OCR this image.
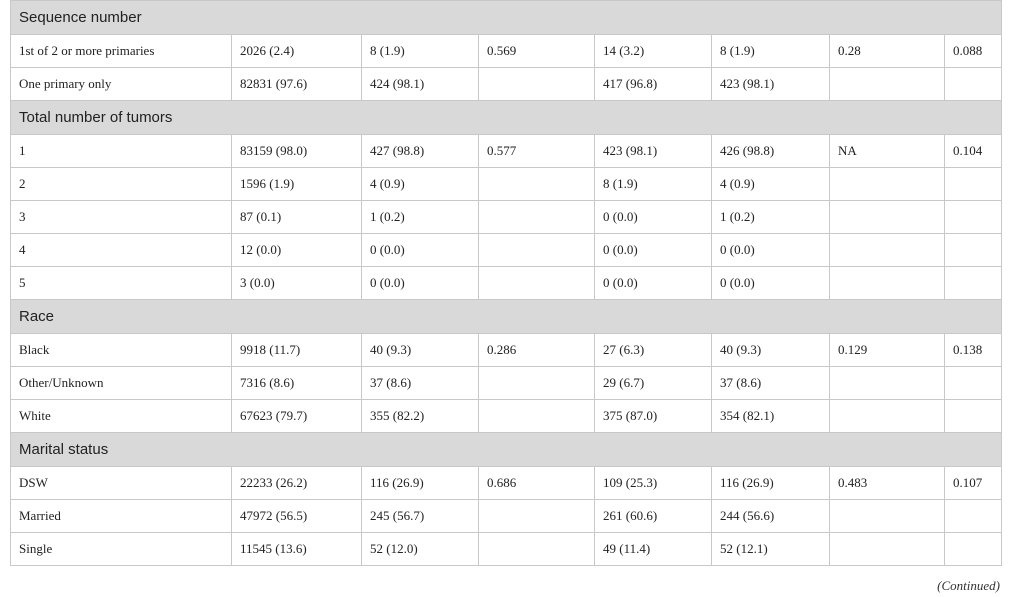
Sequence number							
1st of 2 or more primaries	2026 (2.4)	8 (1.9)	0.569	14 (3.2)	8 (1.9)	0.28	0.088
One primary only	82831 (97.6)	424 (98.1)		417 (96.8)	423 (98.1)		
Total number of tumors							
1	83159 (98.0)	427 (98.8)	0.577	423 (98.1)	426 (98.8)	NA	0.104
2	1596 (1.9)	4 (0.9)		8 (1.9)	4 (0.9)		
3	87 (0.1)	1 (0.2)		0 (0.0)	1 (0.2)		
4	12 (0.0)	0 (0.0)		0 (0.0)	0 (0.0)		
5	3 (0.0)	0 (0.0)		0 (0.0)	0 (0.0)		
Race							
Black	9918 (11.7)	40 (9.3)	0.286	27 (6.3)	40 (9.3)	0.129	0.138
Other/Unknown	7316 (8.6)	37 (8.6)		29 (6.7)	37 (8.6)		
White	67623 (79.7)	355 (82.2)		375 (87.0)	354 (82.1)		
Marital status							
DSW	22233 (26.2)	116 (26.9)	0.686	109 (25.3)	116 (26.9)	0.483	0.107
Married	47972 (56.5)	245 (56.7)		261 (60.6)	244 (56.6)		
Single	11545 (13.6)	52 (12.0)		49 (11.4)	52 (12.1)		
(Continued)
